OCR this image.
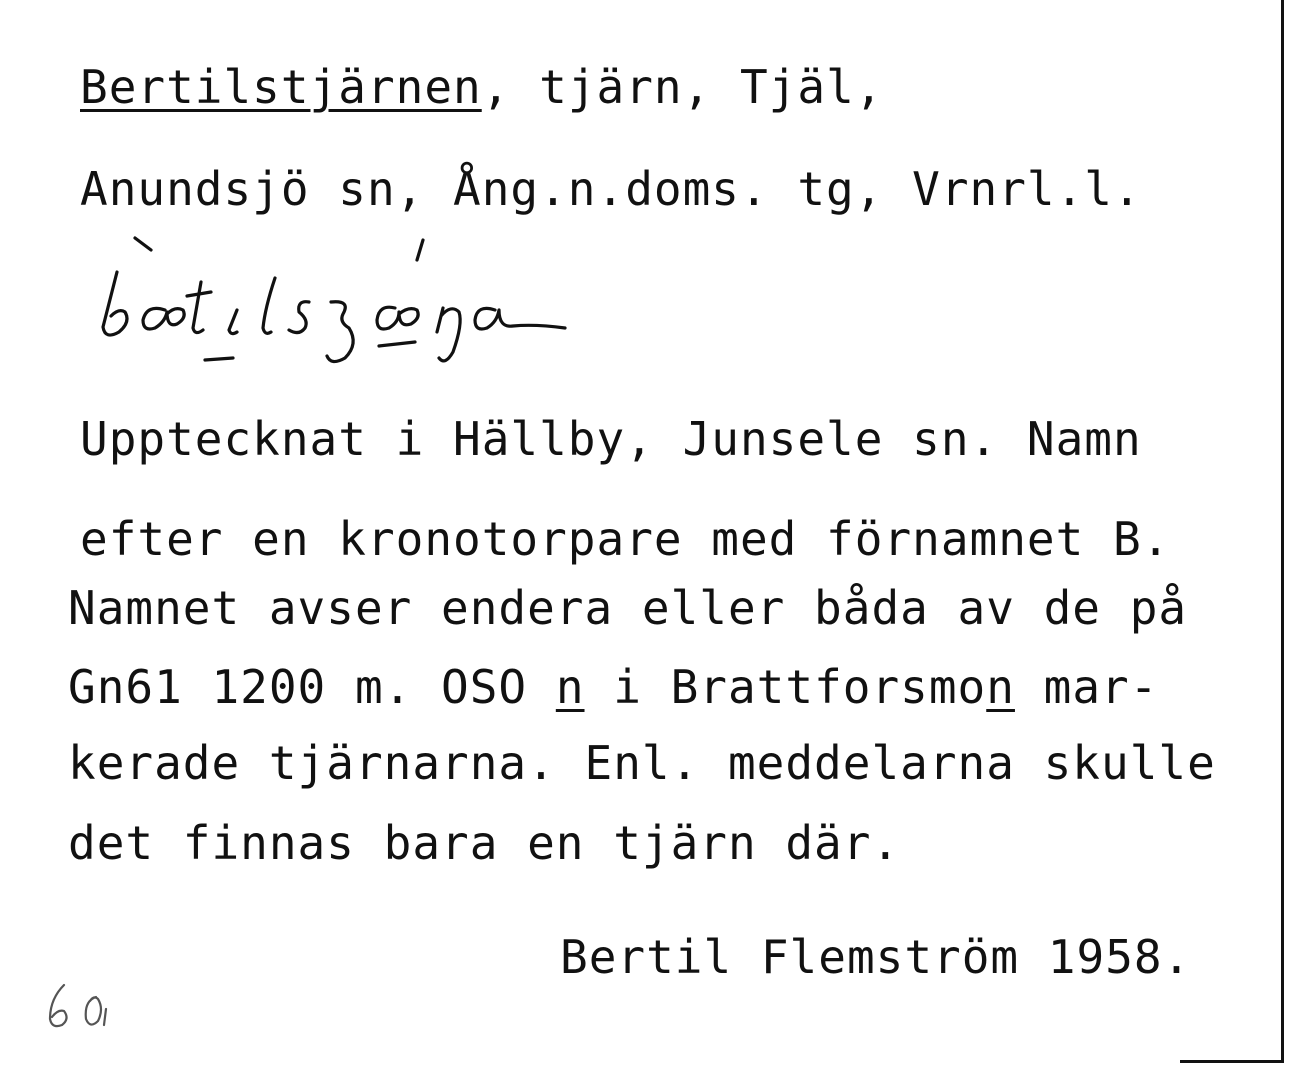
Bertilstjärnen, tjärn, Tjäl,
Anundsjö sn, Ång.n.doms. tg, Vrnrl.l.
Upptecknat i Hällby, Junsele sn. Namn
efter en kronotorpare med förnamnet B.
Namnet avser endera eller båda av de på
Gn61 1200 m. OSO n i Brattforsmon mar-
kerade tjärnarna. Enl. meddelarna skulle
det finnas bara en tjärn där.
Bertil Flemström 1958.
